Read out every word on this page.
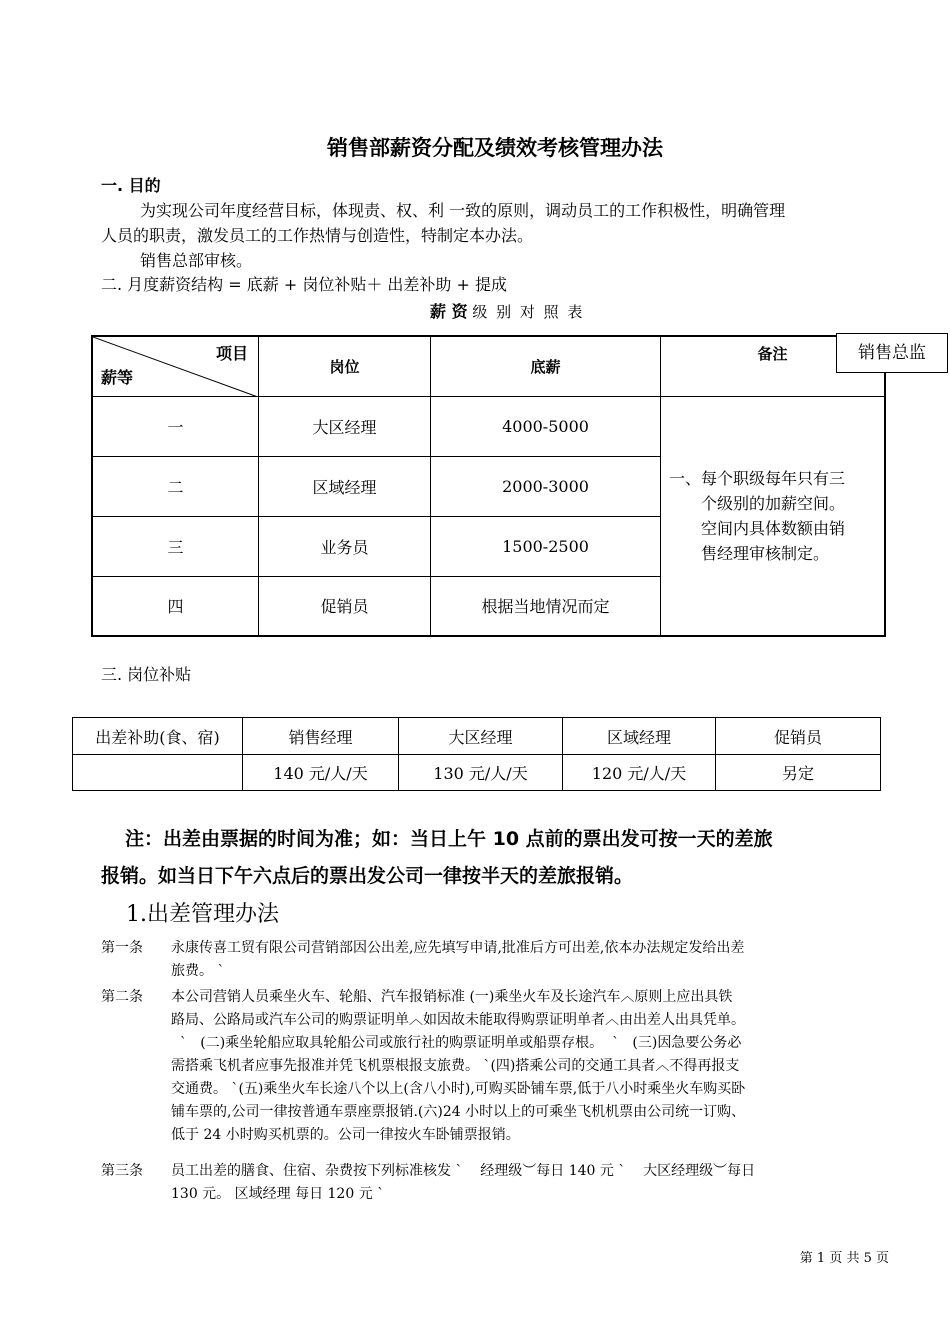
销售部薪资分配及绩效考核管理办法
一. 目的
为实现公司年度经营目标，体现责、权、利 一致的原则，调动员工的工作积极性，明确管理
人员的职责，激发员工的工作热情与创造性，特制定本办法。
销售总部审核。
二. 月度薪资结构 = 底薪 + 岗位补贴＋ 出差补助 + 提成
薪 资 级 别 对 照 表
项目
薪等	岗位	底薪	备注
一	大区经理	4000-5000	一、每个职级每年只有三
个级别的加薪空间。
空间内具体数额由销
售经理审核制定。

二	区域经理	2000-3000	
三	业务员	1500-2500	
四	促销员	根据当地情况而定	
销售总监
三. 岗位补贴
出差补助(食、宿)	销售经理	大区经理	区域经理	促销员
	140 元/人/天	130 元/人/天	120 元/人/天	另定
注：出差由票据的时间为准；如：当日上午 10 点前的票出发可按一天的差旅
报销。如当日下午六点后的票出发公司一律按半天的差旅报销。
1.出差管理办法
第一条	永康传喜工贸有限公司营销部因公出差,应先填写申请,批准后方可出差,依本办法规定发给出差
旅费。 ˋ
第二条	本公司营销人员乘坐火车、轮船、汽车报销标准 (一)乘坐火车及长途汽车︿原则上应出具铁
路局、公路局或汽车公司的购票证明单︿如因故未能取得购票证明单者︿由出差人出具凭单。
ˋ   (二)乘坐轮船应取具轮船公司或旅行社的购票证明单或船票存根。  ˋ   (三)因急要公务必
需搭乘飞机者应事先报准并凭飞机票根报支旅费。 ˋ(四)搭乘公司的交通工具者︿不得再报支
交通费。 ˋ(五)乘坐火车长途八个以上(含八小时),可购买卧铺车票,低于八小时乘坐火车购买卧
铺车票的,公司一律按普通车票座票报销.(六)24 小时以上的可乘坐飞机机票由公司统一订购、
低于 24 小时购买机票的。公司一律按火车卧铺票报销。
第三条	员工出差的膳食、住宿、杂费按下列标准核发 ˋ    经理级︶每日 140 元 ˋ    大区经理级︶每日
130 元。 区域经理 每日 120 元 ˋ
第 1 页 共 5 页
